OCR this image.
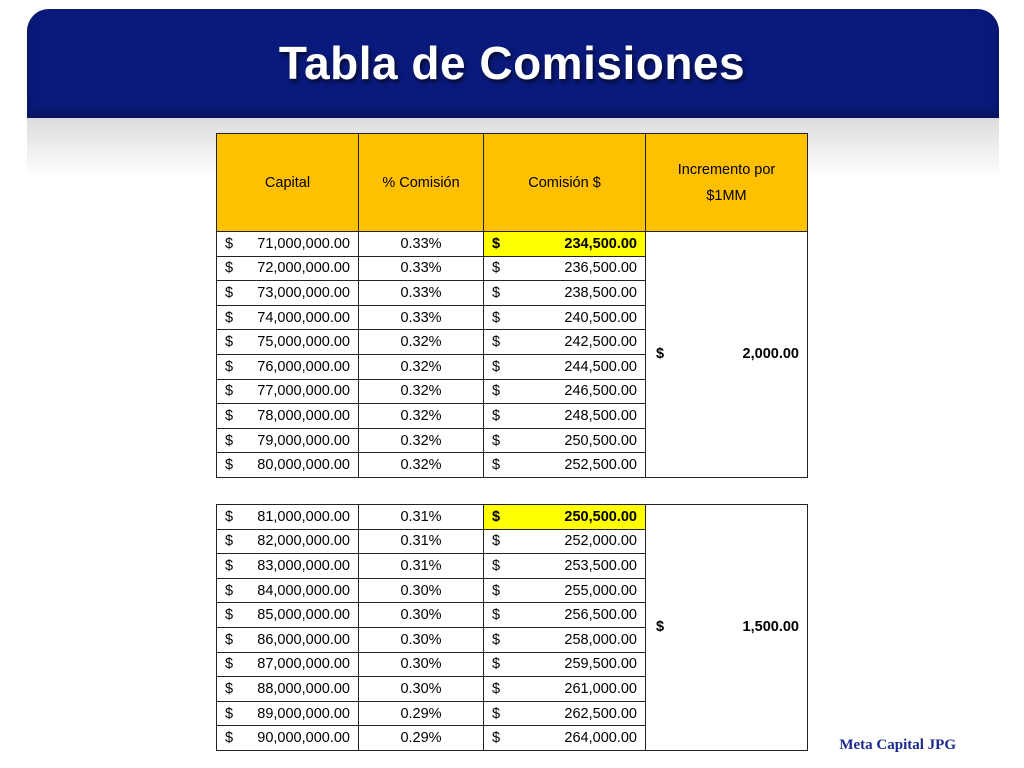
Tabla de Comisiones
Capital	% Comisión	Comisión $	Incremento por
$1MM

$ 71,000,000.00	0.33%	$ 234,500.00	$ 2,000.00

$ 72,000,000.00	0.33%	$ 236,500.00	

$ 73,000,000.00	0.33%	$ 238,500.00	

$ 74,000,000.00	0.33%	$ 240,500.00	

$ 75,000,000.00	0.32%	$ 242,500.00	

$ 76,000,000.00	0.32%	$ 244,500.00	

$ 77,000,000.00	0.32%	$ 246,500.00	

$ 78,000,000.00	0.32%	$ 248,500.00	

$ 79,000,000.00	0.32%	$ 250,500.00	

$ 80,000,000.00	0.32%	$ 252,500.00	
$ 81,000,000.00	0.31%	$ 250,500.00	$ 1,500.00

$ 82,000,000.00	0.31%	$ 252,000.00	

$ 83,000,000.00	0.31%	$ 253,500.00	

$ 84,000,000.00	0.30%	$ 255,000.00	

$ 85,000,000.00	0.30%	$ 256,500.00	

$ 86,000,000.00	0.30%	$ 258,000.00	

$ 87,000,000.00	0.30%	$ 259,500.00	

$ 88,000,000.00	0.30%	$ 261,000.00	

$ 89,000,000.00	0.29%	$ 262,500.00	

$ 90,000,000.00	0.29%	$ 264,000.00		Meta Capital JPG
